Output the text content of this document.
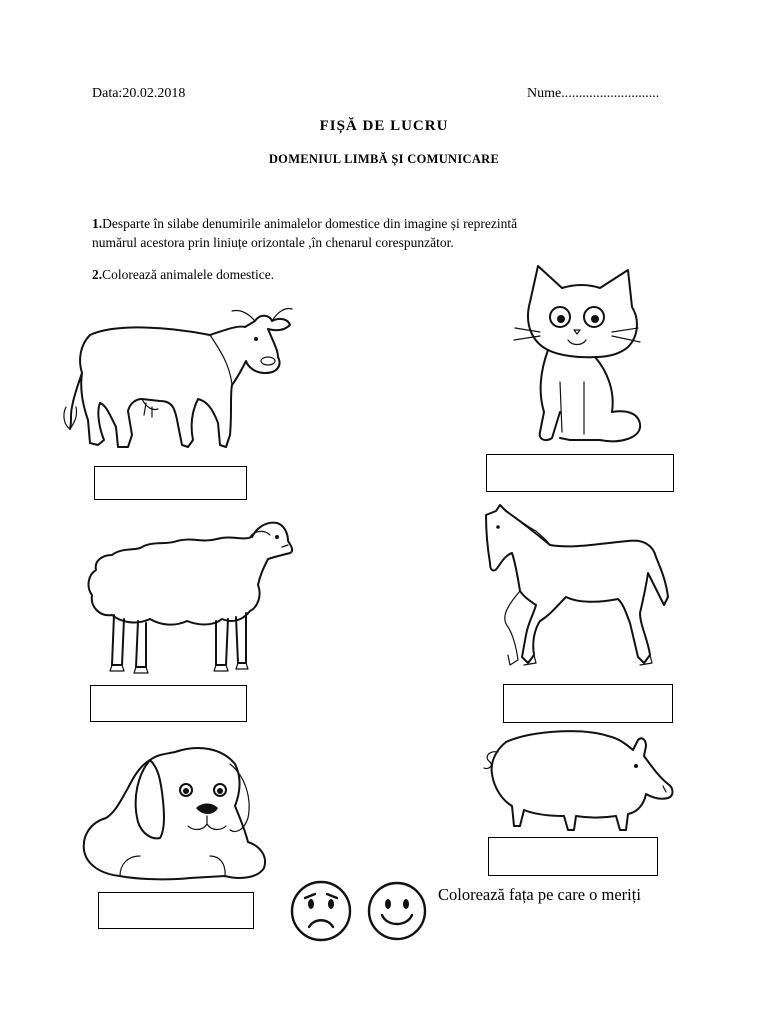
Data:20.02.2018	Nume............................
FIȘĂ DE LUCRU
DOMENIUL LIMBĂ ȘI COMUNICARE
1.Desparte în silabe denumirile animalelor domestice din imagine și reprezintă
numărul acestora prin liniuțe orizontale ,în chenarul corespunzător.
2.Colorează animalele domestice.
Colorează fața pe care o meriți
